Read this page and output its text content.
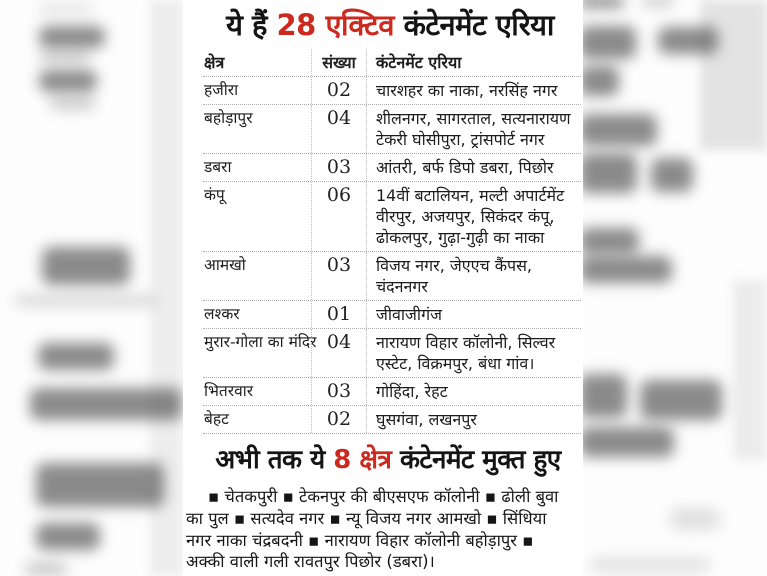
ये हैं 28 एक्टिव कंटेनमेंट एरिया
क्षेत्र	संख्या	कंटेनमेंट एरिया
हजीरा	02	चारशहर का नाका, नरसिंह नगर
बहोड़ापुर	04	शीलनगर, सागरताल, सत्यनारायण टेकरी घोसीपुरा, ट्रांसपोर्ट नगर
डबरा	03	आंतरी, बर्फ डिपो डबरा, पिछोर
कंपू	06	14वीं बटालियन, मल्टी अपार्टमेंट वीरपुर, अजयपुर, सिकंदर कंपू, ढोकलपुर, गुढ़ा-गुढ़ी का नाका
आमखो	03	विजय नगर, जेएएच कैंपस, चंदननगर
लश्कर	01	जीवाजीगंज
मुरार-गोला का मंदिर 04	नारायण विहार कॉलोनी, सिल्वर एस्टेट, विक्रमपुर, बंधा गांव।
भितरवार	03	गोहिंदा, रेहट
बेहट	02	घुसगंवा, लखनपुर
अभी तक ये 8 क्षेत्र कंटेनमेंट मुक्त हुए

▪ चेतकपुरी ▪ टेकनपुर की बीएसएफ कॉलोनी ▪ ढोली बुवा का पुल ▪ सत्यदेव नगर ▪ न्यू विजय नगर आमखो ▪ सिंधिया नगर नाका चंद्रबदनी ▪ नारायण विहार कॉलोनी बहोड़ापुर ▪ अक्की वाली गली रावतपुर पिछोर (डबरा)।
